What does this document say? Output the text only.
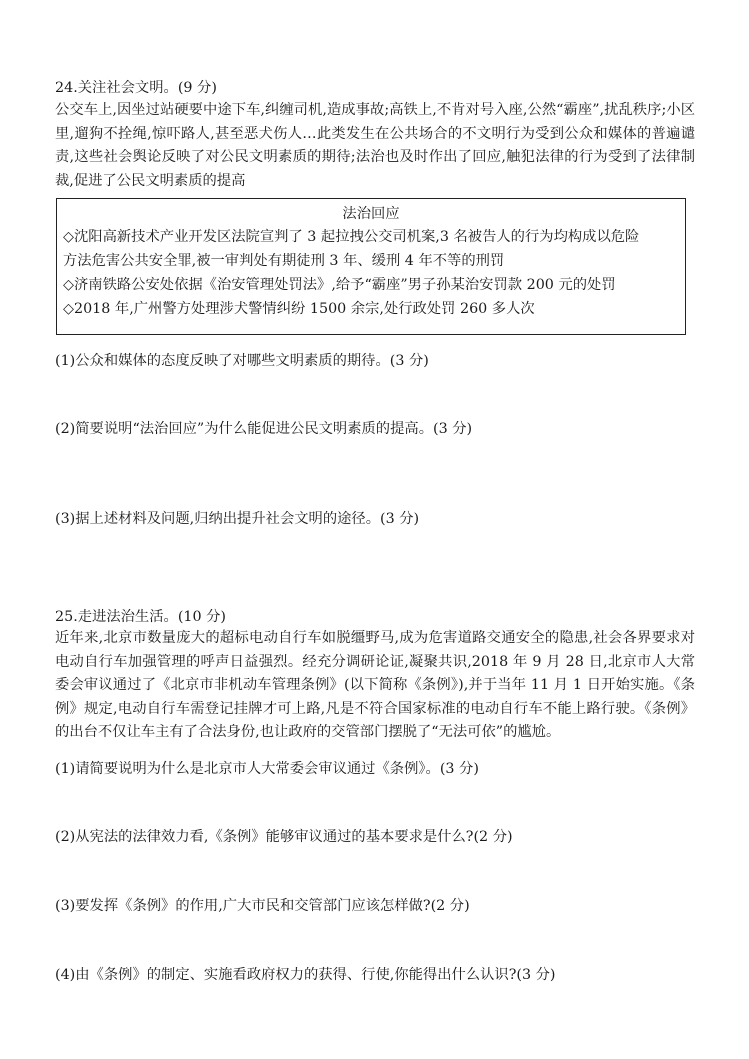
24.关注社会文明。(9 分)
公交车上,因坐过站硬要中途下车,纠缠司机,造成事故;高铁上,不肯对号入座,公然“霸座”,扰乱秩序;小区里,遛狗不拴绳,惊吓路人,甚至恶犬伤人…此类发生在公共场合的不文明行为受到公众和媒体的普遍谴责,这些社会舆论反映了对公民文明素质的期待;法治也及时作出了回应,触犯法律的行为受到了法律制裁,促进了公民文明素质的提高
法治回应
◇沈阳高新技术产业开发区法院宣判了 3 起拉拽公交司机案,3 名被告人的行为均构成以危险
方法危害公共安全罪,被一审判处有期徒刑 3 年、缓刑 4 年不等的刑罚
◇济南铁路公安处依据《治安管理处罚法》,给予“霸座”男子孙某治安罚款 200 元的处罚
◇2018 年,广州警方处理涉犬警情纠纷 1500 余宗,处行政处罚 260 多人次
(1)公众和媒体的态度反映了对哪些文明素质的期待。(3 分)
(2)简要说明“法治回应”为什么能促进公民文明素质的提高。(3 分)
(3)据上述材料及问题,归纳出提升社会文明的途径。(3 分)
25.走进法治生活。(10 分)
近年来,北京市数量庞大的超标电动自行车如脱缰野马,成为危害道路交通安全的隐患,社会各界要求对电动自行车加强管理的呼声日益强烈。经充分调研论证,凝聚共识,2018 年 9 月 28 日,北京市人大常委会审议通过了《北京市非机动车管理条例》(以下简称《条例》),并于当年 11 月 1 日开始实施。《条例》规定,电动自行车需登记挂牌才可上路,凡是不符合国家标准的电动自行车不能上路行驶。《条例》的出台不仅让车主有了合法身份,也让政府的交管部门摆脱了“无法可依”的尴尬。
(1)请简要说明为什么是北京市人大常委会审议通过《条例》。(3 分)
(2)从宪法的法律效力看,《条例》能够审议通过的基本要求是什么?(2 分)
(3)要发挥《条例》的作用,广大市民和交管部门应该怎样做?(2 分)
(4)由《条例》的制定、实施看政府权力的获得、行使,你能得出什么认识?(3 分)
